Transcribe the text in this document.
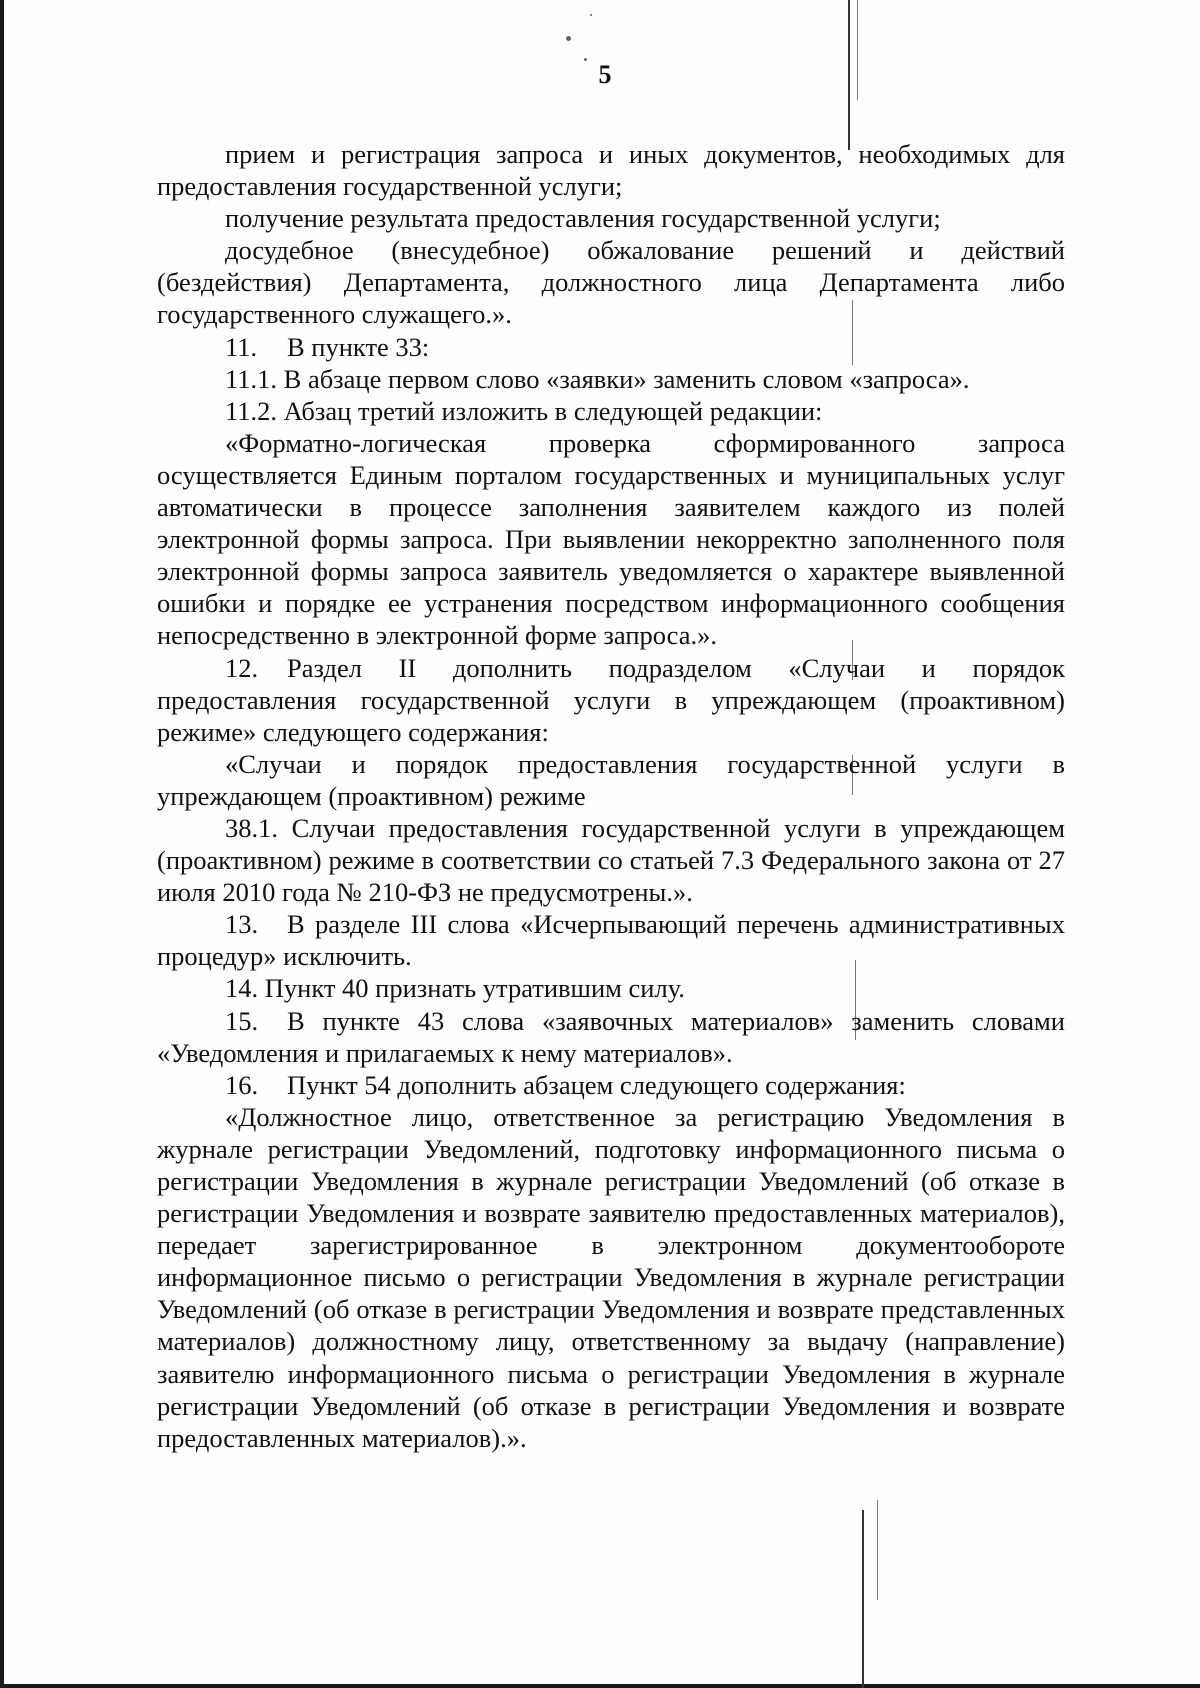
5

прием и регистрация запроса и иных документов, необходимых для предоставления государственной услуги;

получение результата предоставления государственной услуги;

досудебное (внесудебное) обжалование решений и действий (бездействия) Департамента, должностного лица Департамента либо государственного служащего.».

11. В пункте 33:

11.1. В абзаце первом слово «заявки» заменить словом «запроса».

11.2. Абзац третий изложить в следующей редакции:

«Форматно-логическая проверка сформированного запроса осуществляется Единым порталом государственных и муниципальных услуг автоматически в процессе заполнения заявителем каждого из полей электронной формы запроса. При выявлении некорректно заполненного поля электронной формы запроса заявитель уведомляется о характере выявленной ошибки и порядке ее устранения посредством информационного сообщения непосредственно в электронной форме запроса.».

12. Раздел II дополнить подразделом «Случаи и порядок предоставления государственной услуги в упреждающем (проактивном) режиме» следующего содержания:

«Случаи и порядок предоставления государственной услуги в упреждающем (проактивном) режиме

38.1. Случаи предоставления государственной услуги в упреждающем (проактивном) режиме в соответствии со статьей 7.3 Федерального закона от 27 июля 2010 года № 210-ФЗ не предусмотрены.».

13. В разделе III слова «Исчерпывающий перечень административных процедур» исключить.

14. Пункт 40 признать утратившим силу.

15. В пункте 43 слова «заявочных материалов» заменить словами «Уведомления и прилагаемых к нему материалов».

16. Пункт 54 дополнить абзацем следующего содержания:

«Должностное лицо, ответственное за регистрацию Уведомления в журнале регистрации Уведомлений, подготовку информационного письма о регистрации Уведомления в журнале регистрации Уведомлений (об отказе в регистрации Уведомления и возврате заявителю предоставленных материалов), передает зарегистрированное в электронном документообороте информационное письмо о регистрации Уведомления в журнале регистрации Уведомлений (об отказе в регистрации Уведомления и возврате представленных материалов) должностному лицу, ответственному за выдачу (направление) заявителю информационного письма о регистрации Уведомления в журнале регистрации Уведомлений (об отказе в регистрации Уведомления и возврате предоставленных материалов).».
